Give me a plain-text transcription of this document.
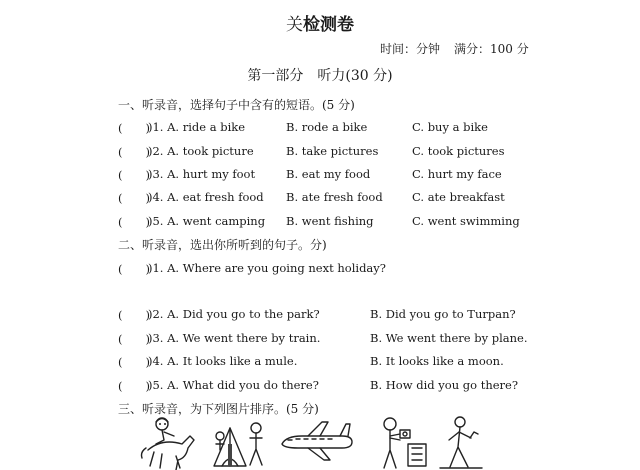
关检测卷
时间：分钟 满分：100 分
第一部分　听力(30 分)
一、听录音，选择句子中含有的短语。(5 分)
(　　)
)1. A. ride a bike	B. rode a bike	C. buy a bike
(　　)
)2. A. took picture	B. take pictures	C. took pictures
(　　)
)3. A. hurt my foot	B. eat my food	C. hurt my face
(　　)
)4. A. eat fresh food B. ate fresh food	C. ate breakfast
(　　)
)5. A. went camping B. went fishing	C. went swimming
二、听录音，选出你所听到的句子。分)
(　　)
)1. A. Where are you going next holiday?
(　　)
)2. A. Did you go to the park?	B. Did you go to Turpan?
(　　)
)3. A. We went there by train.	B. We went there by plane.
(　　)
)4. A. It looks like a mule.	B. It looks like a moon.
(　　)
)5. A. What did you do there?	B. How did you go there?
三、听录音，为下列图片排序。(5 分)
